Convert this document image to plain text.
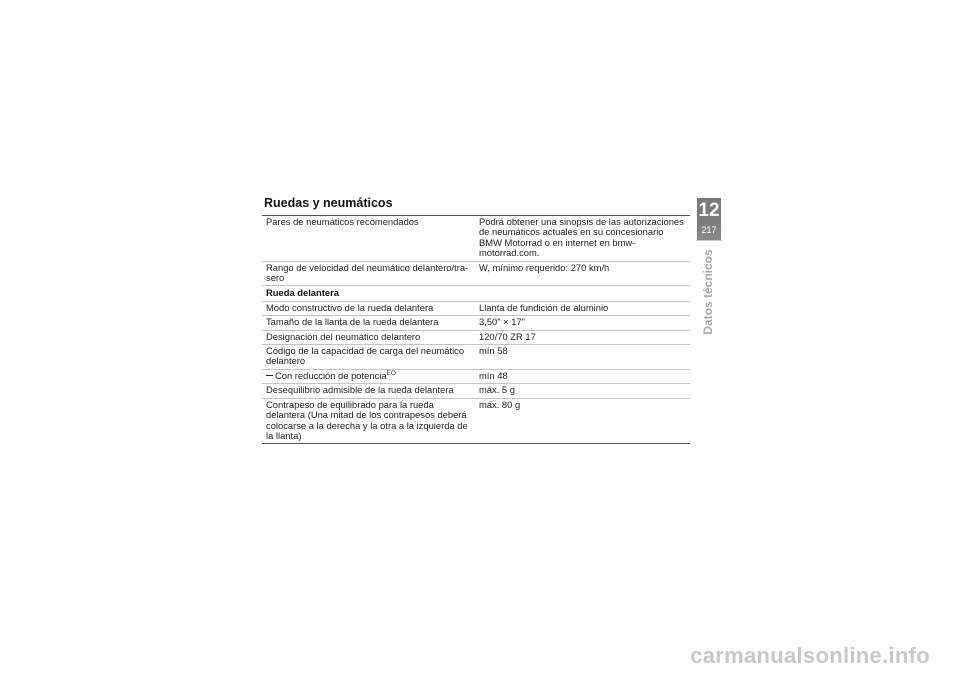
Ruedas y neumáticos
Pares de neumáticos recomendados	Podrá obtener una sinopsis de las autorizaciones de neumáticos actuales en su concesionario BMW Motorrad o en internet en bmw-motorrad.com.
Rango de velocidad del neumático delantero/tra-sero	W, mínimo requerido: 270 km/h
Rueda delantera	
Modo constructivo de la rueda delantera	Llanta de fundición de aluminio
Tamaño de la llanta de la rueda delantera	3,50" × 17"
Designación del neumático delantero	120/70 ZR 17
Código de la capacidad de carga del neumático delantero	mín 58
Con reducción de potencia$^{EO}$	mín 48
Desequilibrio admisible de la rueda delantera	máx. 5 g
Contrapeso de equilibrado para la rueda delantera (Una mitad de los contrapesos deberá colocarse a la derecha y la otra a la izquierda de la llanta)	máx. 80 g
12
217
Datos técnicos
carmanualsonline.info
